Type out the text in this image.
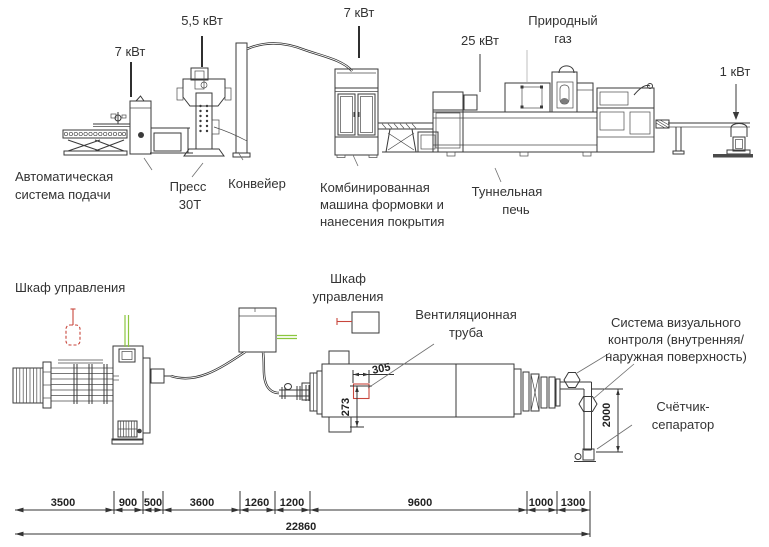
7 кВт
5,5 кВт
7 кВт
25 кВт
Природный
газ
1 кВт
Автоматическая
система подачи
Пресс
30Т
Конвейер	Комбинированная
машина формовки и
нанесения покрытия
Туннельная
печь
305
273	2000
Шкаф управления
Шкаф
управления
Вентиляционная
труба
Система визуального
контроля (внутренняя/
наружная поверхность)
Счётчик-
сепаратор
3500	900 500	3600	1260 1200	9600	1000 1300
22860
